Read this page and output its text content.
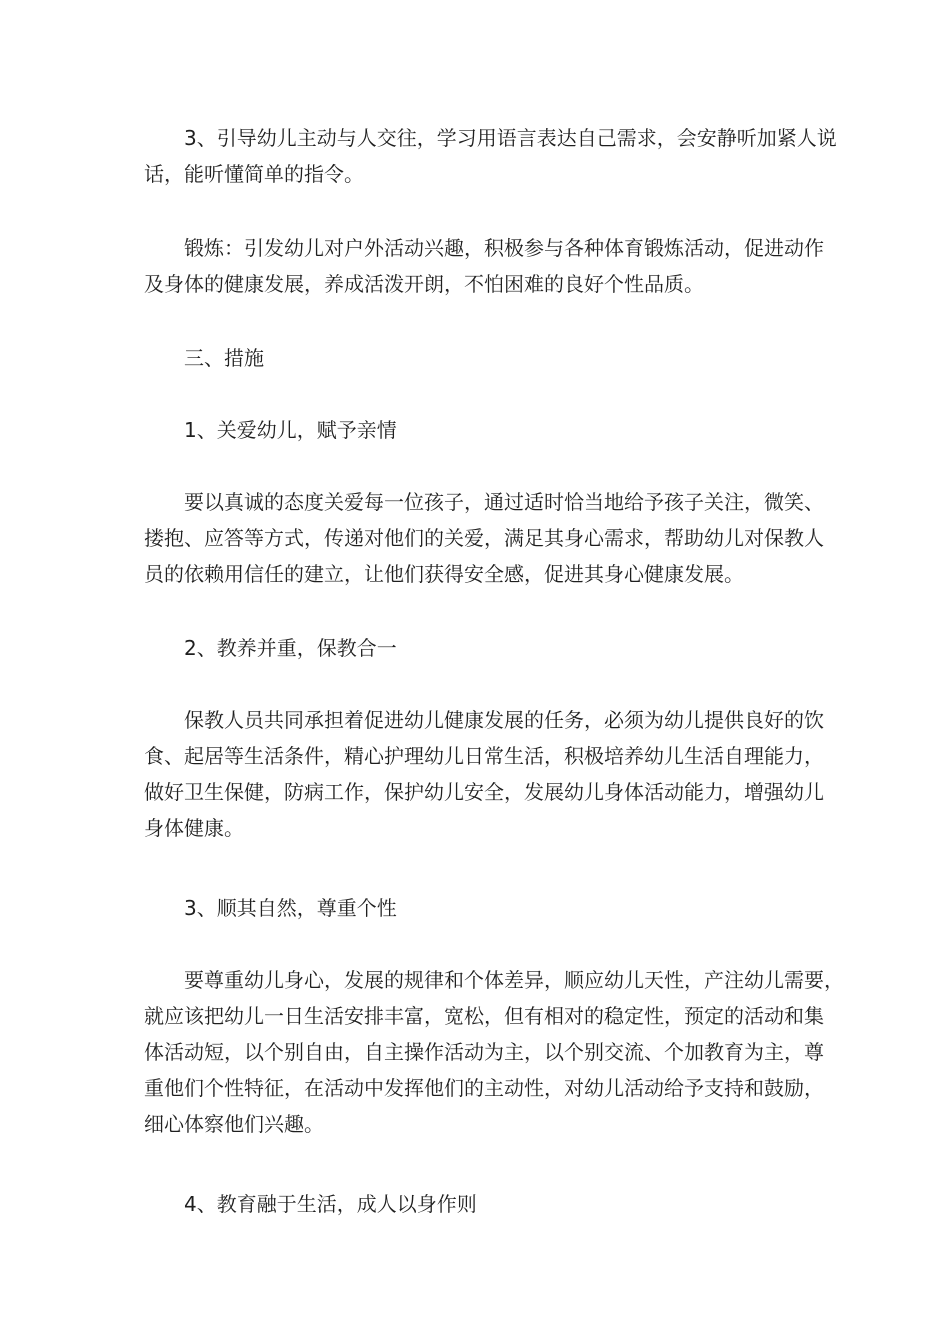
3、引导幼儿主动与人交往，学习用语言表达自己需求，会安静听加紧人说
话，能听懂简单的指令。

锻炼：引发幼儿对户外活动兴趣，积极参与各种体育锻炼活动，促进动作
及身体的健康发展，养成活泼开朗，不怕困难的良好个性品质。

三、措施

1、关爱幼儿，赋予亲情

要以真诚的态度关爱每一位孩子，通过适时恰当地给予孩子关注，微笑、
搂抱、应答等方式，传递对他们的关爱，满足其身心需求，帮助幼儿对保教人
员的依赖用信任的建立，让他们获得安全感，促进其身心健康发展。

2、教养并重，保教合一

保教人员共同承担着促进幼儿健康发展的任务，必须为幼儿提供良好的饮
食、起居等生活条件，精心护理幼儿日常生活，积极培养幼儿生活自理能力，
做好卫生保健，防病工作，保护幼儿安全，发展幼儿身体活动能力，增强幼儿
身体健康。

3、顺其自然，尊重个性

要尊重幼儿身心，发展的规律和个体差异，顺应幼儿天性，产注幼儿需要，
就应该把幼儿一日生活安排丰富，宽松，但有相对的稳定性，预定的活动和集
体活动短，以个别自由，自主操作活动为主，以个别交流、个加教育为主，尊
重他们个性特征，在活动中发挥他们的主动性，对幼儿活动给予支持和鼓励，
细心体察他们兴趣。

4、教育融于生活，成人以身作则
